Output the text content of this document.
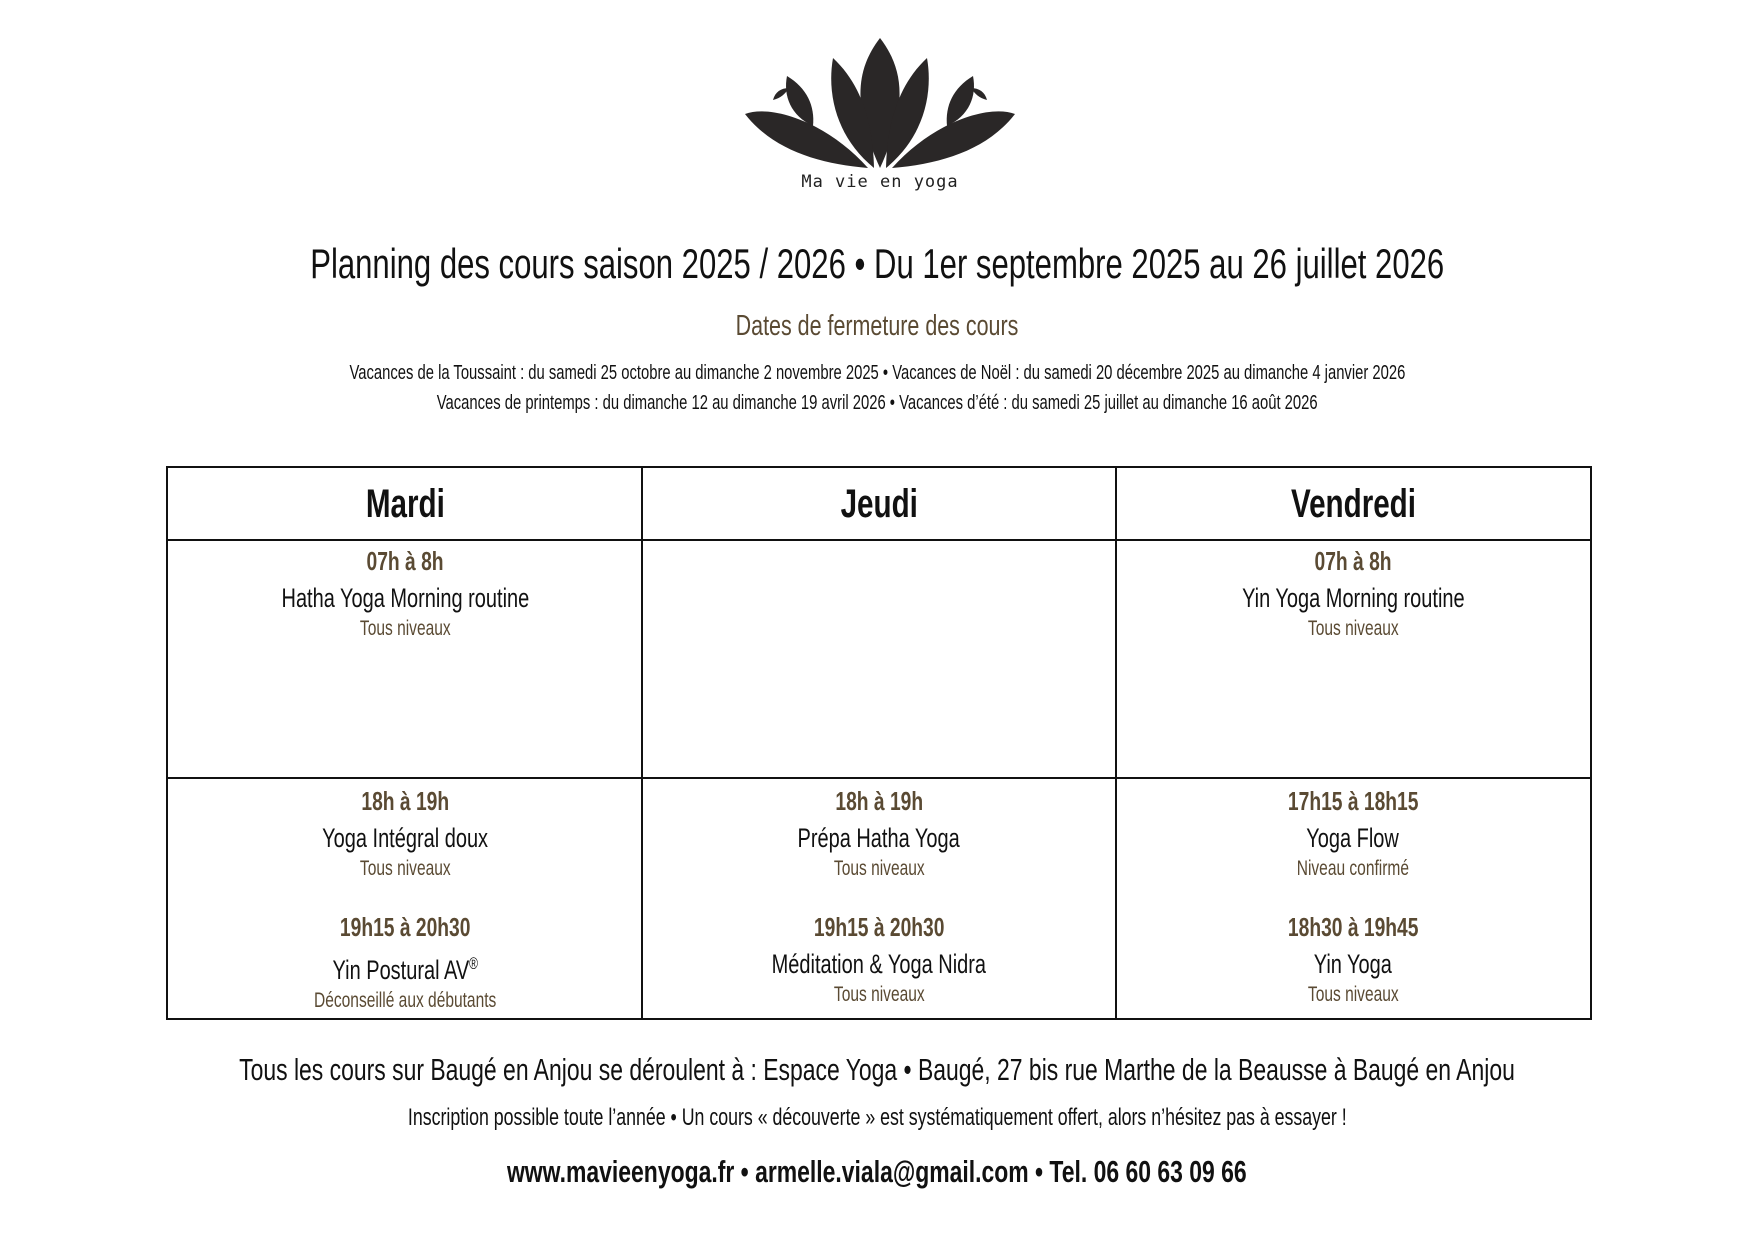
Ma vie en yoga
Planning des cours saison 2025 / 2026 • Du 1er septembre 2025 au 26 juillet 2026
Dates de fermeture des cours
Vacances de la Toussaint : du samedi 25 octobre au dimanche 2 novembre 2025 • Vacances de Noël : du samedi 20 décembre 2025 au dimanche 4 janvier 2026
Vacances de printemps : du dimanche 12 au dimanche 19 avril 2026 • Vacances d’été : du samedi 25 juillet au dimanche 16 août 2026
Mardi	Jeudi	Vendredi
07h à 8h
Hatha Yoga Morning routine
Tous niveaux
07h à 8h
Yin Yoga Morning routine
Tous niveaux
18h à 19h
Yoga Intégral doux
Tous niveaux
19h15 à 20h30
Yin Postural AV®
Déconseillé aux débutants
18h à 19h
Prépa Hatha Yoga
Tous niveaux
19h15 à 20h30
Méditation & Yoga Nidra
Tous niveaux
17h15 à 18h15
Yoga Flow
Niveau confirmé
18h30 à 19h45
Yin Yoga
Tous niveaux
Tous les cours sur Baugé en Anjou se déroulent à : Espace Yoga • Baugé, 27 bis rue Marthe de la Beausse à Baugé en Anjou
Inscription possible toute l’année • Un cours « découverte » est systématiquement offert, alors n’hésitez pas à essayer !
www.mavieenyoga.fr • armelle.viala@gmail.com • Tel. 06 60 63 09 66
